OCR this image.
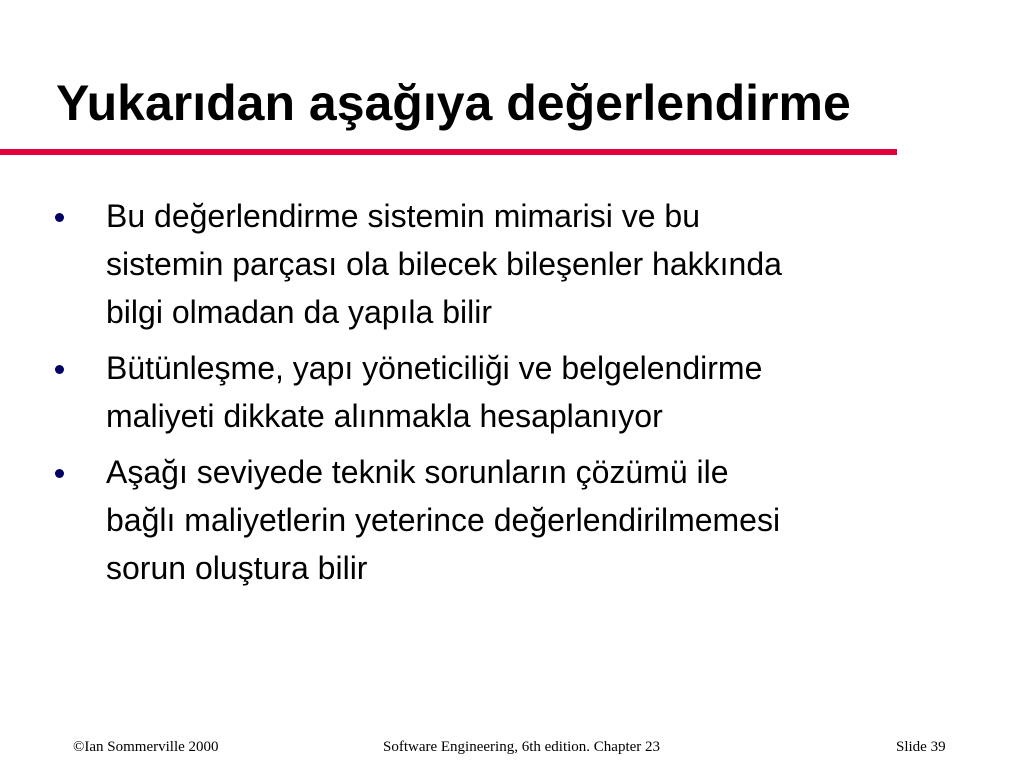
Yukarıdan aşağıya değerlendirme
Bu değerlendirme sistemin mimarisi ve bu
sistemin parçası ola bilecek bileşenler hakkında
bilgi olmadan da yapıla bilir
Bütünleşme, yapı yöneticiliği ve belgelendirme
maliyeti dikkate alınmakla hesaplanıyor
Aşağı seviyede teknik sorunların çözümü ile
bağlı maliyetlerin yeterince değerlendirilmemesi
sorun oluştura bilir
©Ian Sommerville 2000	Software Engineering, 6th edition. Chapter 23	Slide 39
